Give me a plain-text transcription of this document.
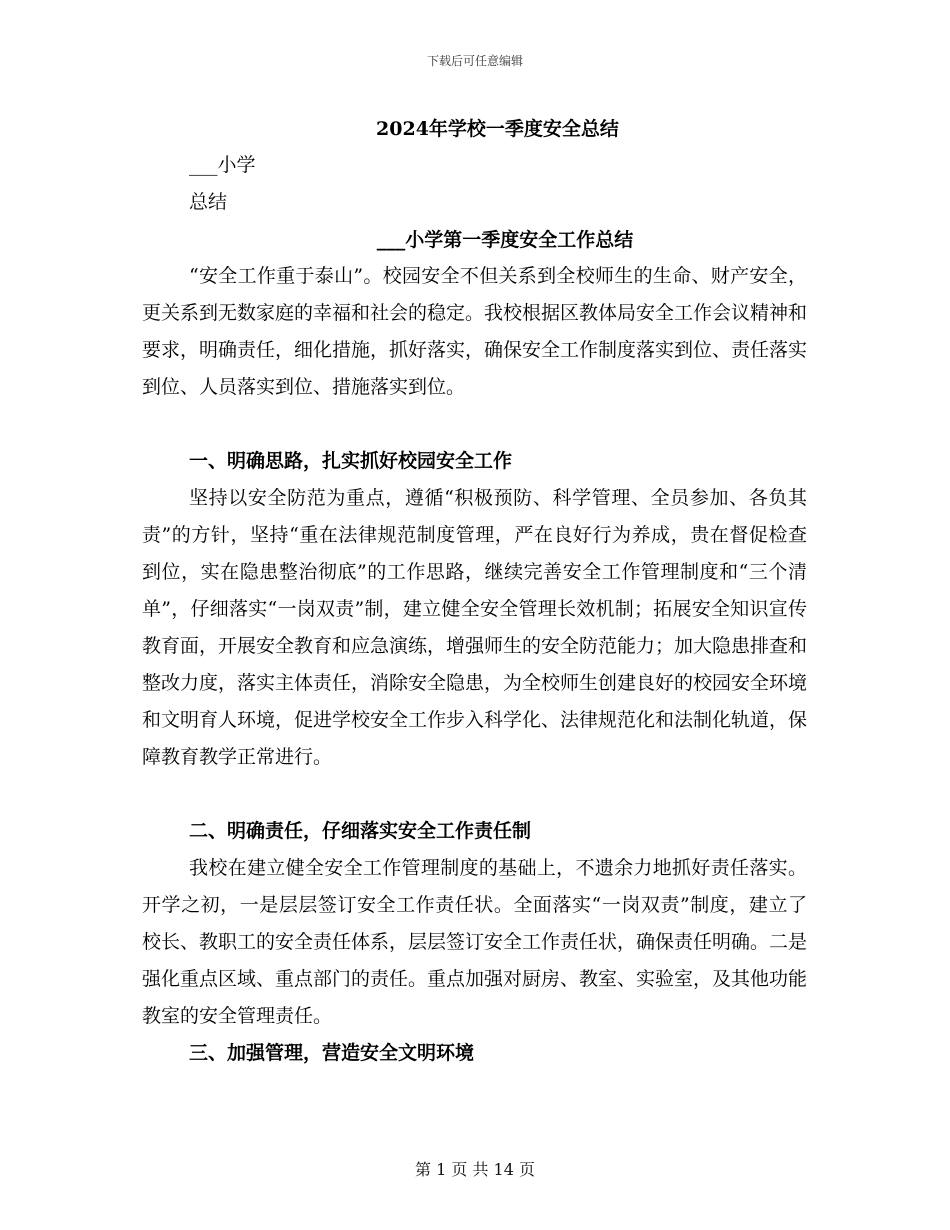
下载后可任意编辑
2024年学校一季度安全总结

___小学

总结

___小学第一季度安全工作总结

“安全工作重于泰山”。校园安全不但关系到全校师生的生命、财产安全，更关系到无数家庭的幸福和社会的稳定。我校根据区教体局安全工作会议精神和要求，明确责任，细化措施，抓好落实，确保安全工作制度落实到位、责任落实到位、人员落实到位、措施落实到位。

一、明确思路，扎实抓好校园安全工作

坚持以安全防范为重点，遵循“积极预防、科学管理、全员参加、各负其责”的方针，坚持“重在法律规范制度管理，严在良好行为养成，贵在督促检查到位，实在隐患整治彻底”的工作思路，继续完善安全工作管理制度和“三个清单”，仔细落实“一岗双责”制，建立健全安全管理长效机制；拓展安全知识宣传教育面，开展安全教育和应急演练，增强师生的安全防范能力；加大隐患排查和整改力度，落实主体责任，消除安全隐患，为全校师生创建良好的校园安全环境和文明育人环境，促进学校安全工作步入科学化、法律规范化和法制化轨道，保障教育教学正常进行。

二、明确责任，仔细落实安全工作责任制

我校在建立健全安全工作管理制度的基础上，不遗余力地抓好责任落实。开学之初，一是层层签订安全工作责任状。全面落实“一岗双责”制度，建立了校长、教职工的安全责任体系，层层签订安全工作责任状，确保责任明确。二是强化重点区域、重点部门的责任。重点加强对厨房、教室、实验室，及其他功能教室的安全管理责任。

三、加强管理，营造安全文明环境
第 1 页 共 14 页
